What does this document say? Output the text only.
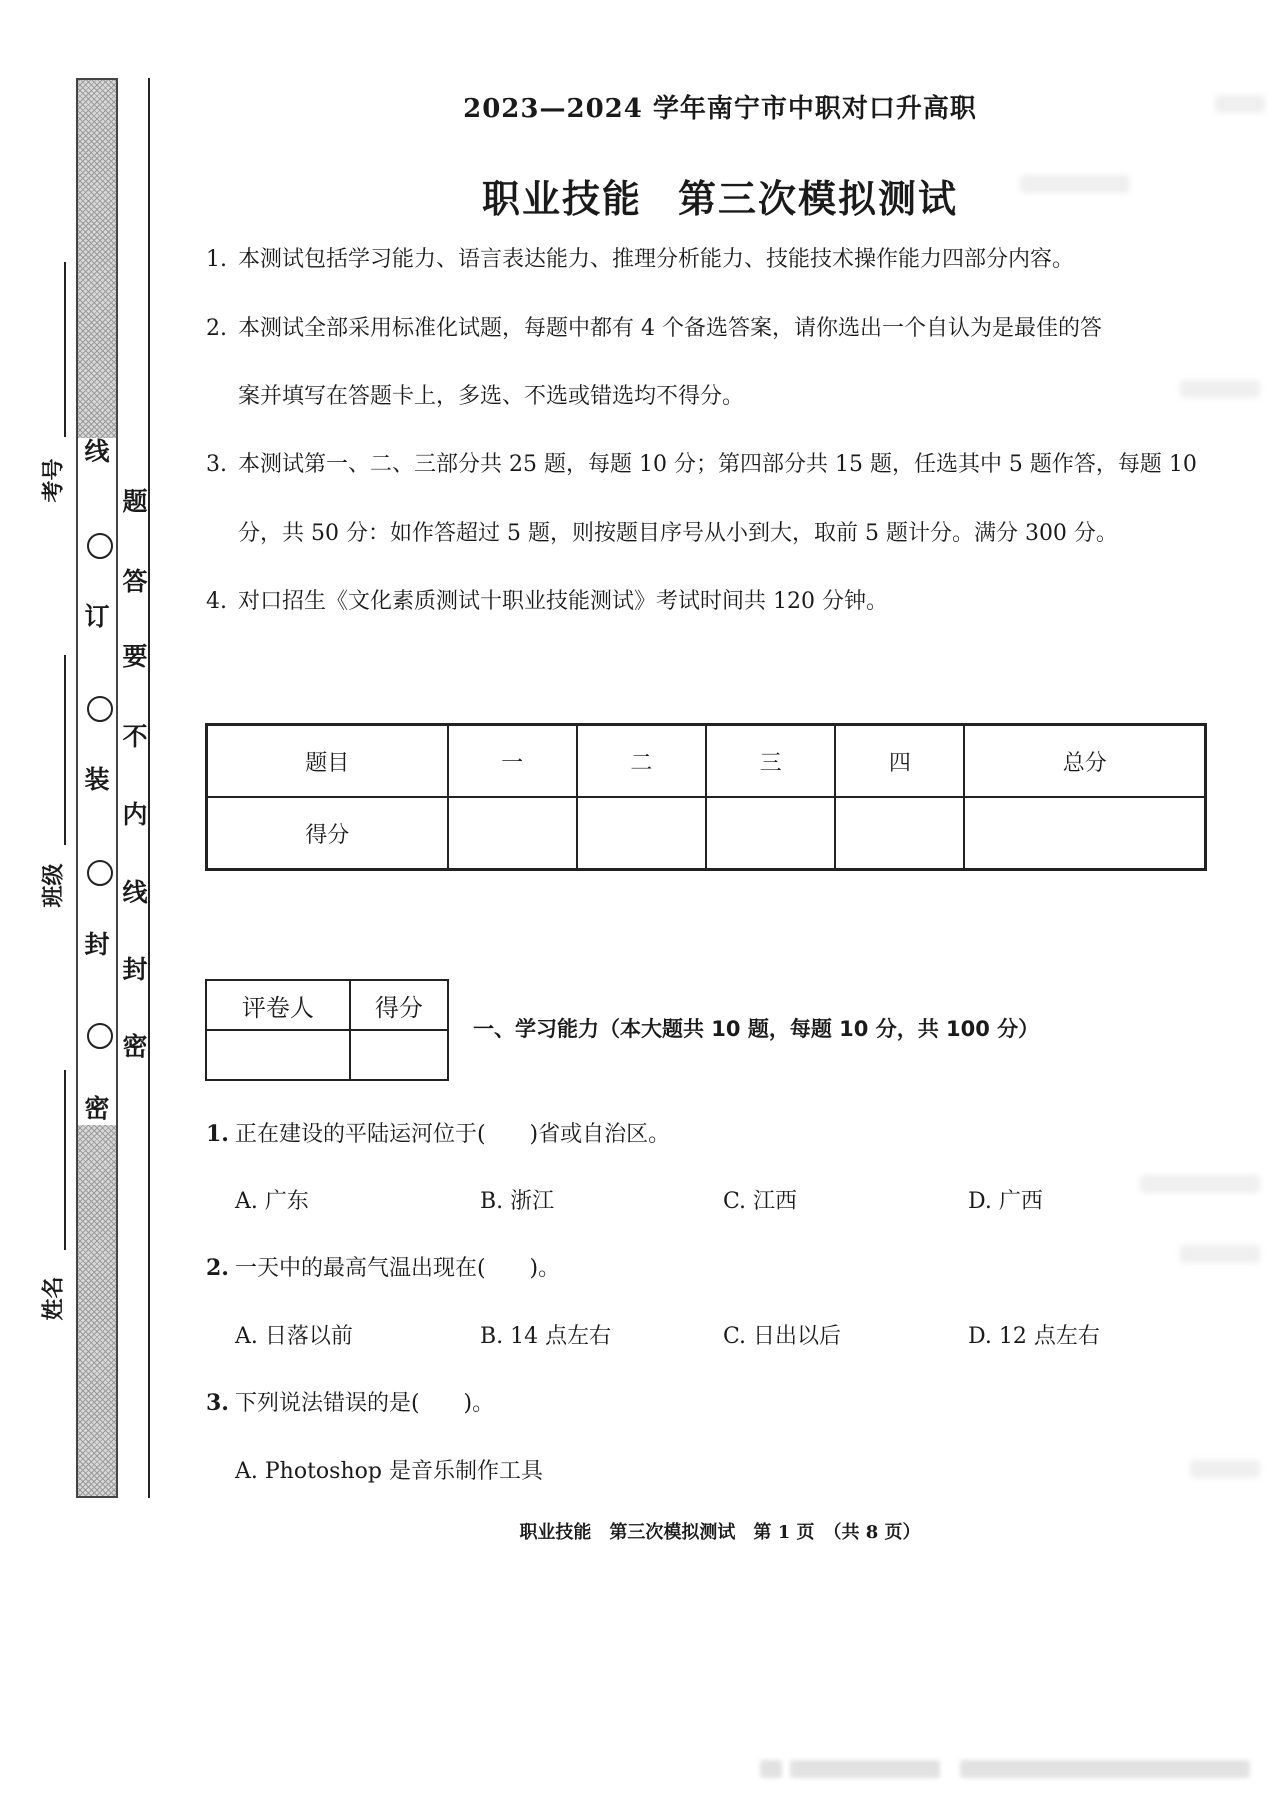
线
订
装
封
密
题
答
要
不
内
线
封
密
考号
班级
姓名
2023—2024 学年南宁市中职对口升高职
职业技能 第三次模拟测试
1. 本测试包括学习能力、语言表达能力、推理分析能力、技能技术操作能力四部分内容。
2. 本测试全部采用标准化试题，每题中都有 4 个备选答案，请你选出一个自认为是最佳的答
案并填写在答题卡上，多选、不选或错选均不得分。
3. 本测试第一、二、三部分共 25 题，每题 10 分；第四部分共 15 题，任选其中 5 题作答，每题 10
分，共 50 分：如作答超过 5 题，则按题目序号从小到大，取前 5 题计分。满分 300 分。
4. 对口招生《文化素质测试十职业技能测试》考试时间共 120 分钟。
题目	一	二	三	四	总分
得分					
评卷人	得分

一、学习能力（本大题共 10 题，每题 10 分，共 100 分）
1. 正在建设的平陆运河位于(　　)省或自治区。
A. 广东	B. 浙江	C. 江西	D. 广西
2. 一天中的最高气温出现在(　　)。
A. 日落以前	B. 14 点左右	C. 日出以后	D. 12 点左右
3. 下列说法错误的是(　　)。
A. Photoshop 是音乐制作工具
职业技能　第三次模拟测试　第 1 页　（共 8 页）
